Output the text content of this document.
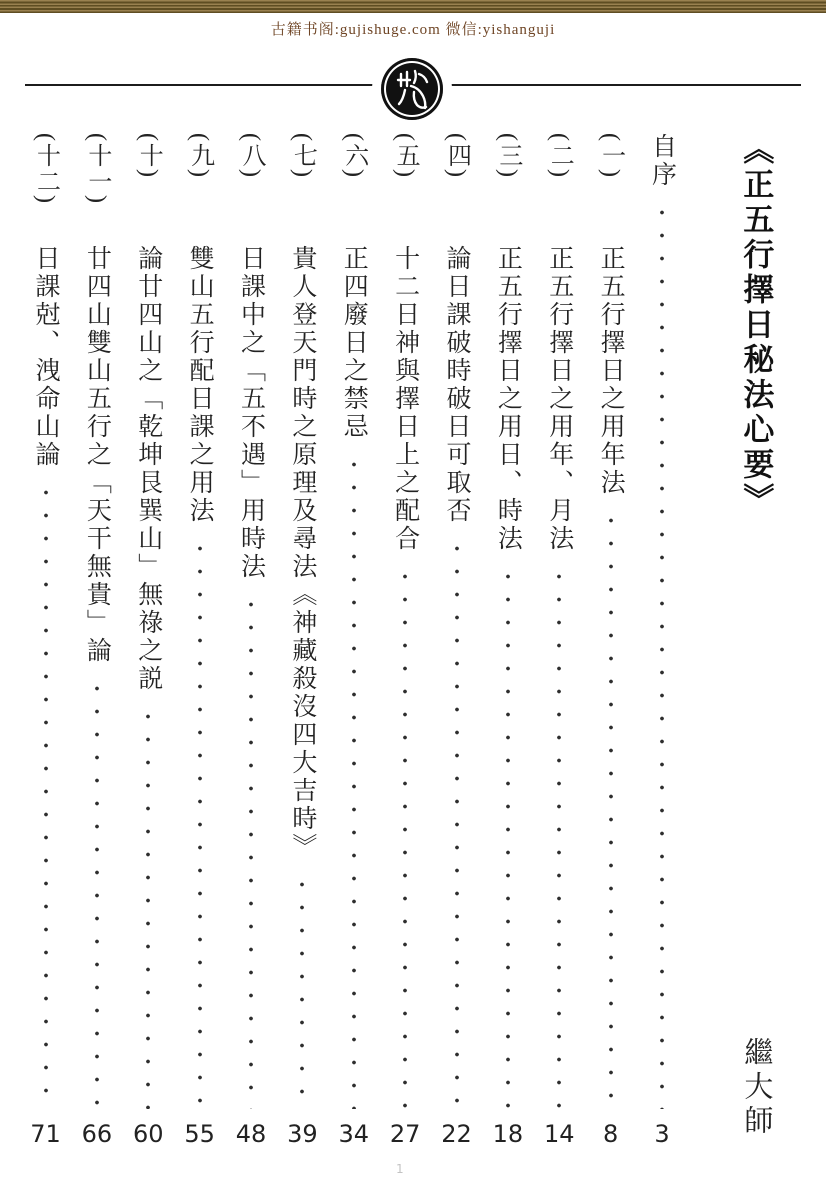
古籍书阁:gujishuge.com 微信:yishanguji
《正五行擇日秘法心要》
繼大師
自序
3
(一)
正五行擇日之用年法
8
(二)
正五行擇日之用年、月法
14
(三)
正五行擇日之用日、時法
18
(四)
論日課破時破日可取否
22
(五)
十二日神與擇日上之配合
27
(六)
正四廢日之禁忌
34
(七)
貴人登天門時之原理及尋法《神藏殺沒四大吉時》
39
(八)
日課中之「五不遇」用時法
48
(九)
雙山五行配日課之用法
55
(十)
論廿四山之「乾坤艮巽山」無祿之説
60
(十一)
廿四山雙山五行之「天干無貴」論
66
(十二)
日課尅、洩命山論
71
1
